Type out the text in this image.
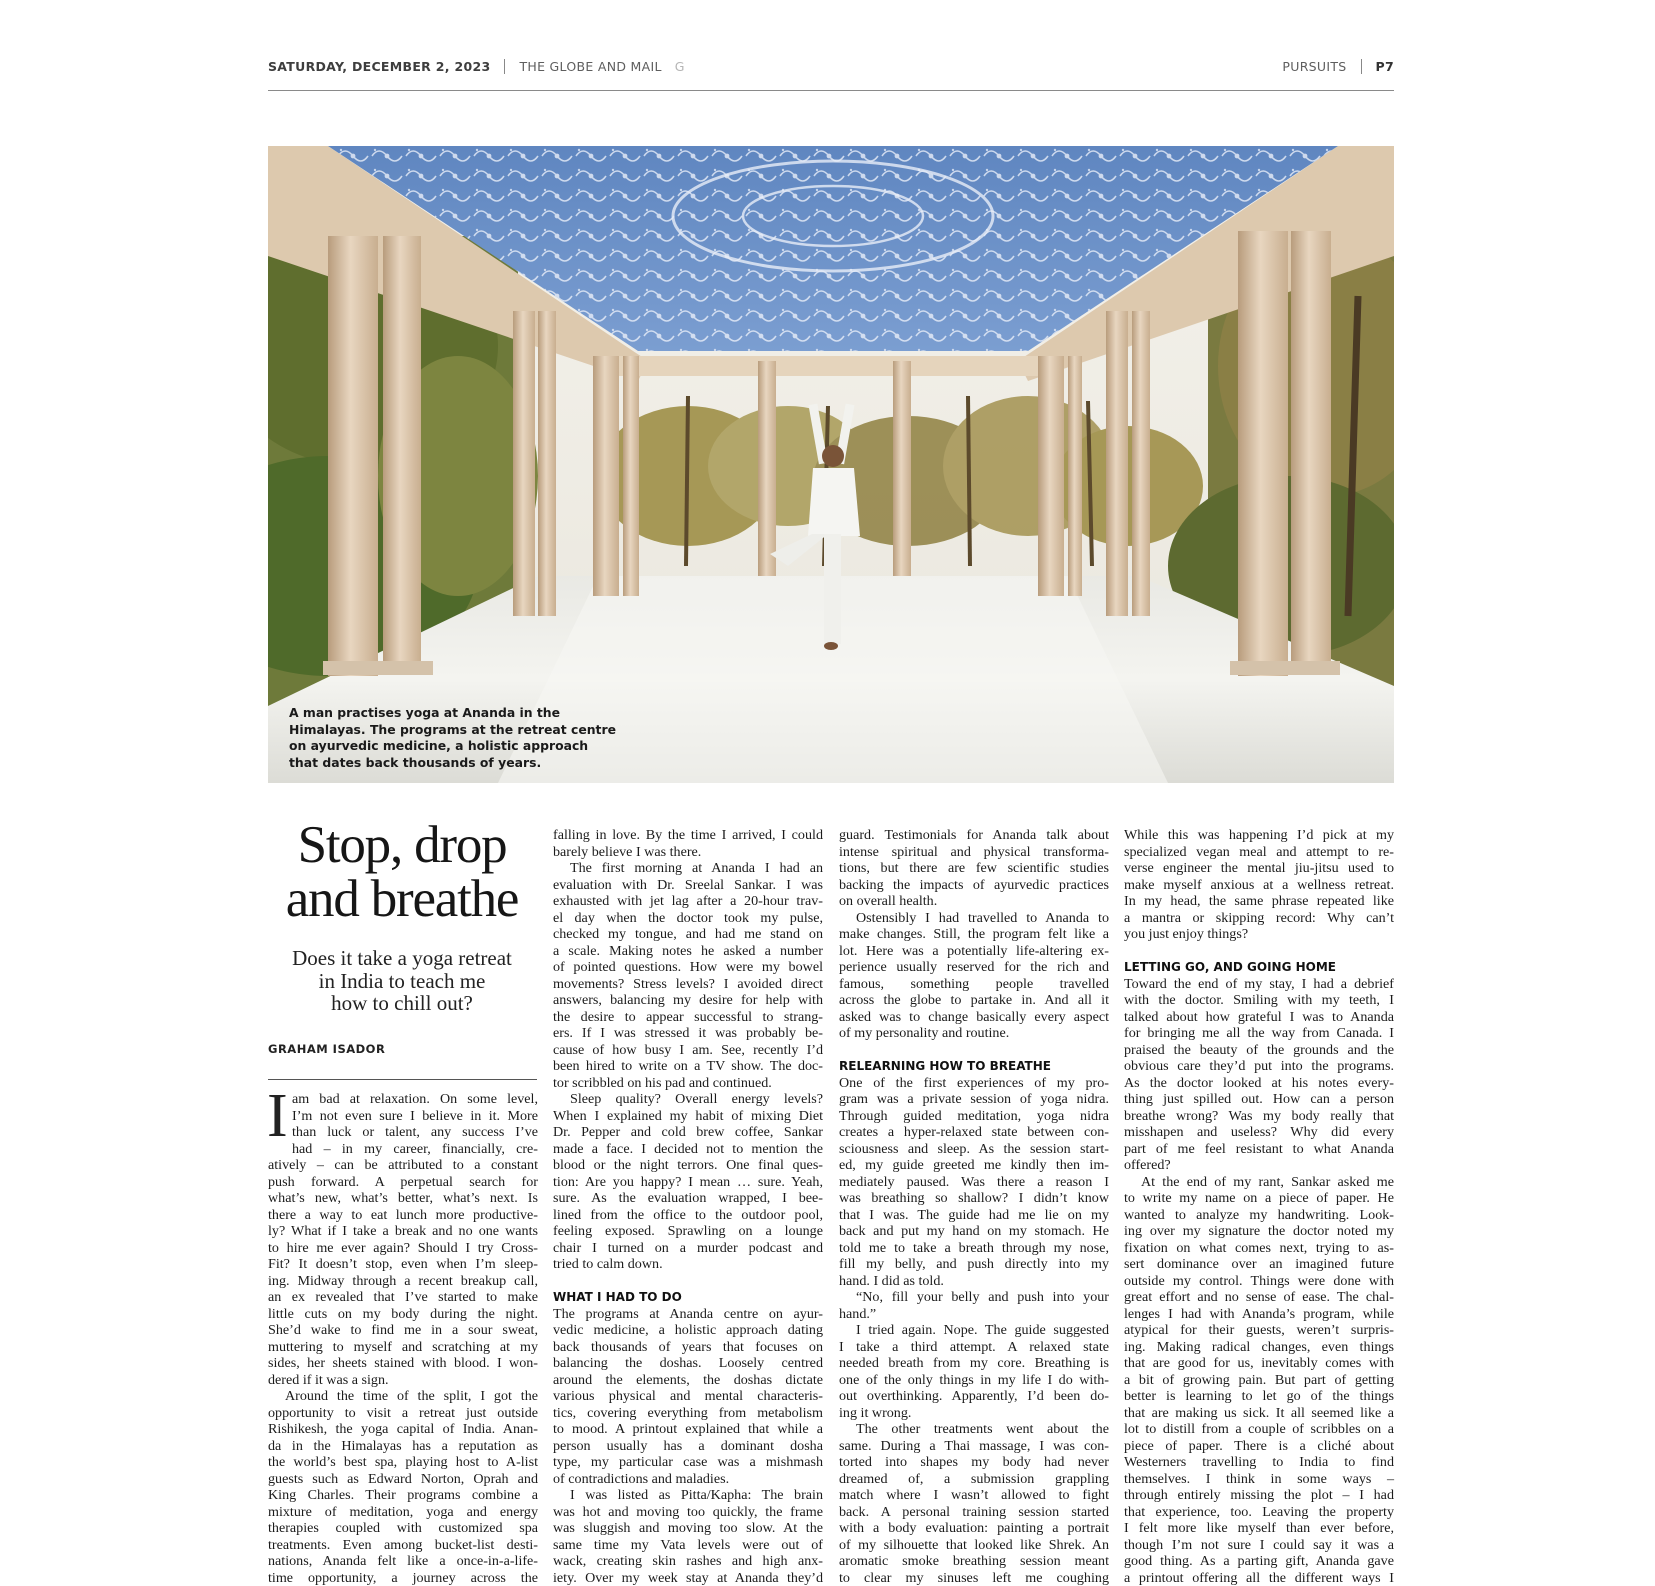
SATURDAY, DECEMBER 2, 2023 THE GLOBE AND MAIL G	PURSUITS P7
A man practises yoga at Ananda in the
Himalayas. The programs at the retreat centre
on ayurvedic medicine, a holistic approach
that dates back thousands of years.
Stop, drop
and breathe
Does it take a yoga retreat
in India to teach me
how to chill out?
GRAHAM ISADOR
I am bad at relaxation. On some level,
I’m not even sure I believe in it. More
than luck or talent, any success I’ve
had – in my career, financially, cre-
atively – can be attributed to a constant
push forward. A perpetual search for
what’s new, what’s better, what’s next. Is
there a way to eat lunch more productive-
ly? What if I take a break and no one wants
to hire me ever again? Should I try Cross-
Fit? It doesn’t stop, even when I’m sleep-
ing. Midway through a recent breakup call,
an ex revealed that I’ve started to make
little cuts on my body during the night.
She’d wake to find me in a sour sweat,
muttering to myself and scratching at my
sides, her sheets stained with blood. I won-
dered if it was a sign.
Around the time of the split, I got the
opportunity to visit a retreat just outside
Rishikesh, the yoga capital of India. Anan-
da in the Himalayas has a reputation as
the world’s best spa, playing host to A-list
guests such as Edward Norton, Oprah and
King Charles. Their programs combine a
mixture of meditation, yoga and energy
therapies coupled with customized spa
treatments. Even among bucket-list desti-
nations, Ananda felt like a once-in-a-life-
time opportunity, a journey across the
falling in love. By the time I arrived, I could
barely believe I was there.
The first morning at Ananda I had an
evaluation with Dr. Sreelal Sankar. I was
exhausted with jet lag after a 20-hour trav-
el day when the doctor took my pulse,
checked my tongue, and had me stand on
a scale. Making notes he asked a number
of pointed questions. How were my bowel
movements? Stress levels? I avoided direct
answers, balancing my desire for help with
the desire to appear successful to strang-
ers. If I was stressed it was probably be-
cause of how busy I am. See, recently I’d
been hired to write on a TV show. The doc-
tor scribbled on his pad and continued.
Sleep quality? Overall energy levels?
When I explained my habit of mixing Diet
Dr. Pepper and cold brew coffee, Sankar
made a face. I decided not to mention the
blood or the night terrors. One final ques-
tion: Are you happy? I mean … sure. Yeah,
sure. As the evaluation wrapped, I bee-
lined from the office to the outdoor pool,
feeling exposed. Sprawling on a lounge
chair I turned on a murder podcast and
tried to calm down.
WHAT I HAD TO DO
The programs at Ananda centre on ayur-
vedic medicine, a holistic approach dating
back thousands of years that focuses on
balancing the doshas. Loosely centred
around the elements, the doshas dictate
various physical and mental characteris-
tics, covering everything from metabolism
to mood. A printout explained that while a
person usually has a dominant dosha
type, my particular case was a mishmash
of contradictions and maladies.
I was listed as Pitta/Kapha: The brain
was hot and moving too quickly, the frame
was sluggish and moving too slow. At the
same time my Vata levels were out of
wack, creating skin rashes and high anx-
iety. Over my week stay at Ananda they’d
guard. Testimonials for Ananda talk about
intense spiritual and physical transforma-
tions, but there are few scientific studies
backing the impacts of ayurvedic practices
on overall health.
Ostensibly I had travelled to Ananda to
make changes. Still, the program felt like a
lot. Here was a potentially life-altering ex-
perience usually reserved for the rich and
famous, something people travelled
across the globe to partake in. And all it
asked was to change basically every aspect
of my personality and routine.
RELEARNING HOW TO BREATHE
One of the first experiences of my pro-
gram was a private session of yoga nidra.
Through guided meditation, yoga nidra
creates a hyper-relaxed state between con-
sciousness and sleep. As the session start-
ed, my guide greeted me kindly then im-
mediately paused. Was there a reason I
was breathing so shallow? I didn’t know
that I was. The guide had me lie on my
back and put my hand on my stomach. He
told me to take a breath through my nose,
fill my belly, and push directly into my
hand. I did as told.
“No, fill your belly and push into your
hand.”
I tried again. Nope. The guide suggested
I take a third attempt. A relaxed state
needed breath from my core. Breathing is
one of the only things in my life I do with-
out overthinking. Apparently, I’d been do-
ing it wrong.
The other treatments went about the
same. During a Thai massage, I was con-
torted into shapes my body had never
dreamed of, a submission grappling
match where I wasn’t allowed to fight
back. A personal training session started
with a body evaluation: painting a portrait
of my silhouette that looked like Shrek. An
aromatic smoke breathing session meant
to clear my sinuses left me coughing
While this was happening I’d pick at my
specialized vegan meal and attempt to re-
verse engineer the mental jiu-jitsu used to
make myself anxious at a wellness retreat.
In my head, the same phrase repeated like
a mantra or skipping record: Why can’t
you just enjoy things?
LETTING GO, AND GOING HOME
Toward the end of my stay, I had a debrief
with the doctor. Smiling with my teeth, I
talked about how grateful I was to Ananda
for bringing me all the way from Canada. I
praised the beauty of the grounds and the
obvious care they’d put into the programs.
As the doctor looked at his notes every-
thing just spilled out. How can a person
breathe wrong? Was my body really that
misshapen and useless? Why did every
part of me feel resistant to what Ananda
offered?
At the end of my rant, Sankar asked me
to write my name on a piece of paper. He
wanted to analyze my handwriting. Look-
ing over my signature the doctor noted my
fixation on what comes next, trying to as-
sert dominance over an imagined future
outside my control. Things were done with
great effort and no sense of ease. The chal-
lenges I had with Ananda’s program, while
atypical for their guests, weren’t surpris-
ing. Making radical changes, even things
that are good for us, inevitably comes with
a bit of growing pain. But part of getting
better is learning to let go of the things
that are making us sick. It all seemed like a
lot to distill from a couple of scribbles on a
piece of paper. There is a cliché about
Westerners travelling to India to find
themselves. I think in some ways –
through entirely missing the plot – I had
that experience, too. Leaving the property
I felt more like myself than ever before,
though I’m not sure I could say it was a
good thing. As a parting gift, Ananda gave
a printout offering all the different ways I
